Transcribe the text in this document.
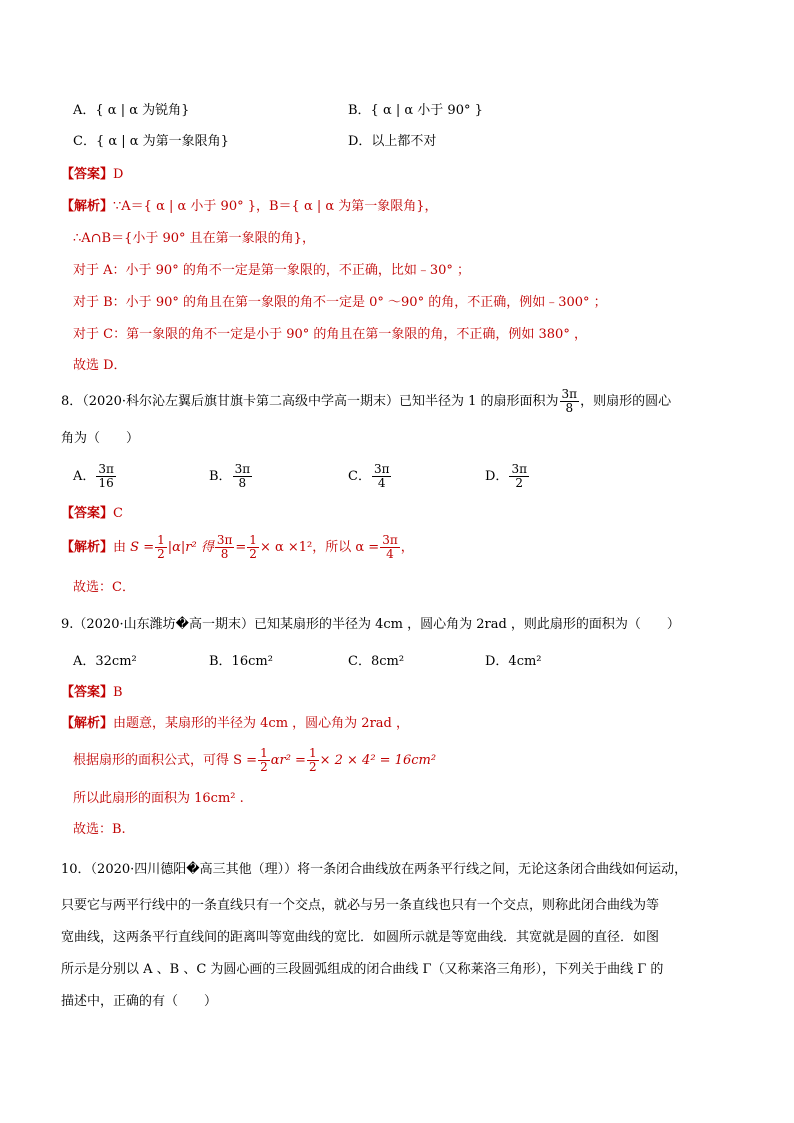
A．{ α | α 为锐角}	B．{ α | α 小于 90° }
C．{ α | α 为第一象限角}	D．以上都不对
【答案】D
【解析】∵A＝{ α | α 小于 90° }，B＝{ α | α 为第一象限角}，
∴A∩B＝{小于 90° 且在第一象限的角}，
对于 A：小于 90° 的角不一定是第一象限的，不正确，比如﹣30° ；
对于 B：小于 90° 的角且在第一象限的角不一定是 0° ～90° 的角，不正确，例如﹣300° ；
对于 C：第一象限的角不一定是小于 90° 的角且在第一象限的角，不正确，例如 380° ，
故选 D．
8．（2020·科尔沁左翼后旗甘旗卡第二高级中学高一期末）已知半径为 1 的扇形面积为 $\frac{3\pi}{8}$ ，则扇形的圆心
角为（　　）
A． $\frac{3\pi}{16}$	B． $\frac{3\pi}{8}$	C． $\frac{3\pi}{4}$	D． $\frac{3\pi}{2}$
【答案】C
【解析】由 $S = \frac{1}{2} |\alpha|r^2$ 得 $\frac{3\pi}{8} = \frac{1}{2} \times \alpha \times 1^2$，所以 $\alpha = \frac{3\pi}{4}$ ，
故选：C．
9.（2020·山东潍坊�高一期末）已知某扇形的半径为 4cm ，圆心角为 2rad ，则此扇形的面积为（　　）
A．32cm²	B．16cm²	C．8cm²	D．4cm²
【答案】B
【解析】由题意，某扇形的半径为 4cm ，圆心角为 2rad ，
根据扇形的面积公式，可得 $S = \frac{1}{2} \alpha r^2 = \frac{1}{2} \times 2 \times 4^2 = 16cm^2$
所以此扇形的面积为 16cm² .
故选：B.
10．（2020·四川德阳�高三其他（理））将一条闭合曲线放在两条平行线之间，无论这条闭合曲线如何运动，
只要它与两平行线中的一条直线只有一个交点，就必与另一条直线也只有一个交点，则称此闭合曲线为等
宽曲线，这两条平行直线间的距离叫等宽曲线的宽比．如圆所示就是等宽曲线．其宽就是圆的直径．如图
所示是分别以 A 、B 、C 为圆心画的三段圆弧组成的闭合曲线 Γ（又称莱洛三角形），下列关于曲线 Γ 的
描述中，正确的有（　　）
